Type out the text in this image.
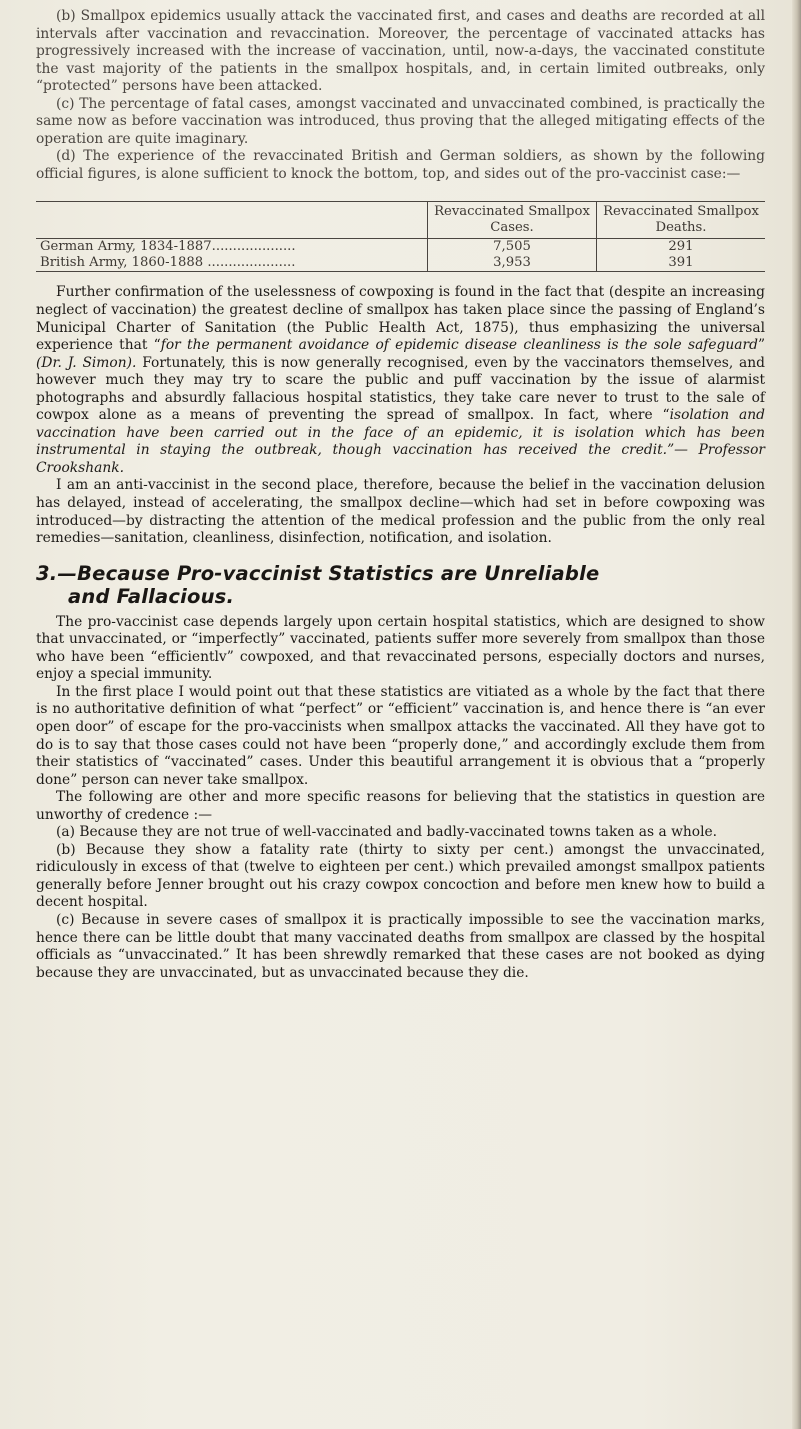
(b) Smallpox epidemics usually attack the vaccinated first, and cases and deaths are recorded at all intervals after vaccination and revaccination. Moreover, the percentage of vaccinated attacks has progressively increased with the increase of vaccination, until, now-a-days, the vaccinated constitute the vast majority of the patients in the smallpox hospitals, and, in certain limited outbreaks, only “protected” persons have been attacked.

(c) The percentage of fatal cases, amongst vaccinated and unvaccinated combined, is practically the same now as before vaccination was introduced, thus proving that the alleged mitigating effects of the operation are quite imaginary.

(d) The experience of the revaccinated British and German soldiers, as shown by the following official figures, is alone sufficient to knock the bottom, top, and sides out of the pro-vaccinist case:—

	Revaccinated Smallpox Cases.	Revaccinated Smallpox Deaths.
German Army, 1834-1887....................	7,505	291
British Army, 1860-1888 .....................	3,953	391

Further confirmation of the uselessness of cowpoxing is found in the fact that (despite an increasing neglect of vaccination) the greatest decline of smallpox has taken place since the passing of England’s Municipal Charter of Sanitation (the Public Health Act, 1875), thus emphasizing the universal experience that “for the permanent avoidance of epidemic disease cleanliness is the sole safeguard” (Dr. J. Simon). Fortunately, this is now generally recognised, even by the vaccinators themselves, and however much they may try to scare the public and puff vaccination by the issue of alarmist photographs and absurdly fallacious hospital statistics, they take care never to trust to the sale of cowpox alone as a means of preventing the spread of smallpox. In fact, where “isolation and vaccination have been carried out in the face of an epidemic, it is isolation which has been instrumental in staying the outbreak, though vaccination has received the credit.”— Professor Crookshank.

I am an anti-vaccinist in the second place, therefore, because the belief in the vaccination delusion has delayed, instead of accelerating, the smallpox decline—which had set in before cowpoxing was introduced—by distracting the attention of the medical profession and the public from the only real remedies—sanitation, cleanliness, disinfection, notification, and isolation.

3.—Because Pro-vaccinist Statistics are Unreliable
and Fallacious.

The pro-vaccinist case depends largely upon certain hospital statistics, which are designed to show that unvaccinated, or “imperfectly” vaccinated, patients suffer more severely from smallpox than those who have been “efficientlv” cowpoxed, and that revaccinated persons, especially doctors and nurses, enjoy a special immunity.

In the first place I would point out that these statistics are vitiated as a whole by the fact that there is no authoritative definition of what “perfect” or “efficient” vaccination is, and hence there is “an ever open door” of escape for the pro-vaccinists when smallpox attacks the vaccinated. All they have got to do is to say that those cases could not have been “properly done,” and accordingly exclude them from their statistics of “vaccinated” cases. Under this beautiful arrangement it is obvious that a “properly done” person can never take smallpox.

The following are other and more specific reasons for believing that the statistics in question are unworthy of credence :—

(a) Because they are not true of well-vaccinated and badly-vaccinated towns taken as a whole.

(b) Because they show a fatality rate (thirty to sixty per cent.) amongst the unvaccinated, ridiculously in excess of that (twelve to eighteen per cent.) which prevailed amongst smallpox patients generally before Jenner brought out his crazy cowpox concoction and before men knew how to build a decent hospital.

(c) Because in severe cases of smallpox it is practically impossible to see the vaccination marks, hence there can be little doubt that many vaccinated deaths from smallpox are classed by the hospital officials as “unvaccinated.” It has been shrewdly remarked that these cases are not booked as dying because they are unvaccinated, but as unvaccinated because they die.
